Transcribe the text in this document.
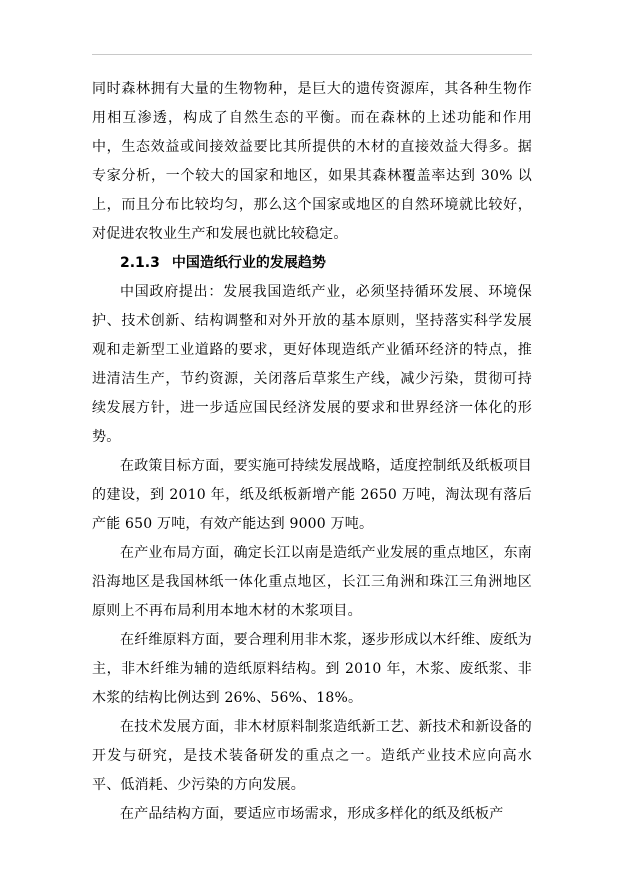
同时森林拥有大量的生物物种，是巨大的遗传资源库，其各种生物作用相互渗透，构成了自然生态的平衡。而在森林的上述功能和作用中，生态效益或间接效益要比其所提供的木材的直接效益大得多。据专家分析，一个较大的国家和地区，如果其森林覆盖率达到 30% 以上，而且分布比较均匀，那么这个国家或地区的自然环境就比较好，对促进农牧业生产和发展也就比较稳定。

2.1.3 中国造纸行业的发展趋势

中国政府提出：发展我国造纸产业，必须坚持循环发展、环境保护、技术创新、结构调整和对外开放的基本原则，坚持落实科学发展观和走新型工业道路的要求，更好体现造纸产业循环经济的特点，推进清洁生产，节约资源，关闭落后草浆生产线，减少污染，贯彻可持续发展方针，进一步适应国民经济发展的要求和世界经济一体化的形势。

在政策目标方面，要实施可持续发展战略，适度控制纸及纸板项目的建设，到 2010 年，纸及纸板新增产能 2650 万吨，淘汰现有落后产能 650 万吨，有效产能达到 9000 万吨。

在产业布局方面，确定长江以南是造纸产业发展的重点地区，东南沿海地区是我国林纸一体化重点地区，长江三角洲和珠江三角洲地区原则上不再布局利用本地木材的木浆项目。

在纤维原料方面，要合理利用非木浆，逐步形成以木纤维、废纸为主，非木纤维为辅的造纸原料结构。到 2010 年，木浆、废纸浆、非木浆的结构比例达到 26%、56%、18%。

在技术发展方面，非木材原料制浆造纸新工艺、新技术和新设备的开发与研究，是技术装备研发的重点之一。造纸产业技术应向高水平、低消耗、少污染的方向发展。

在产品结构方面，要适应市场需求，形成多样化的纸及纸板产
